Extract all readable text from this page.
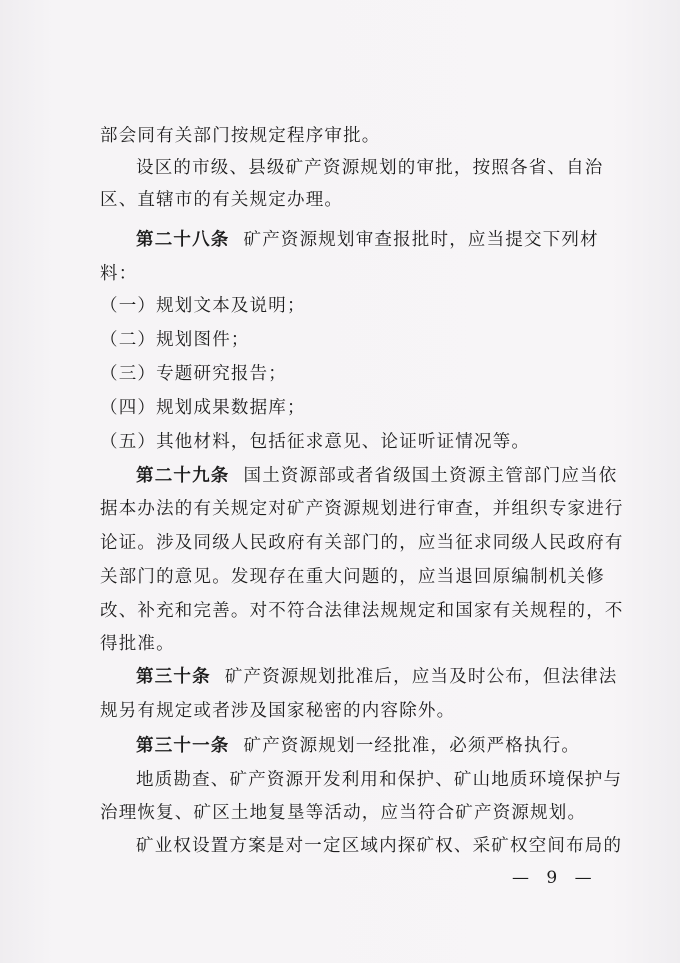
部会同有关部门按规定程序审批。
设区的市级、县级矿产资源规划的审批，按照各省、自治
区、直辖市的有关规定办理。
第二十八条 矿产资源规划审查报批时，应当提交下列材
料：
（一）规划文本及说明；
（二）规划图件；
（三）专题研究报告；
（四）规划成果数据库；
（五）其他材料，包括征求意见、论证听证情况等。
第二十九条 国土资源部或者省级国土资源主管部门应当依
据本办法的有关规定对矿产资源规划进行审查，并组织专家进行
论证。涉及同级人民政府有关部门的，应当征求同级人民政府有
关部门的意见。发现存在重大问题的，应当退回原编制机关修
改、补充和完善。对不符合法律法规规定和国家有关规程的，不
得批准。
第三十条 矿产资源规划批准后，应当及时公布，但法律法
规另有规定或者涉及国家秘密的内容除外。
第三十一条 矿产资源规划一经批准，必须严格执行。
地质勘查、矿产资源开发利用和保护、矿山地质环境保护与
治理恢复、矿区土地复垦等活动，应当符合矿产资源规划。
矿业权设置方案是对一定区域内探矿权、采矿权空间布局的
— 9 —
